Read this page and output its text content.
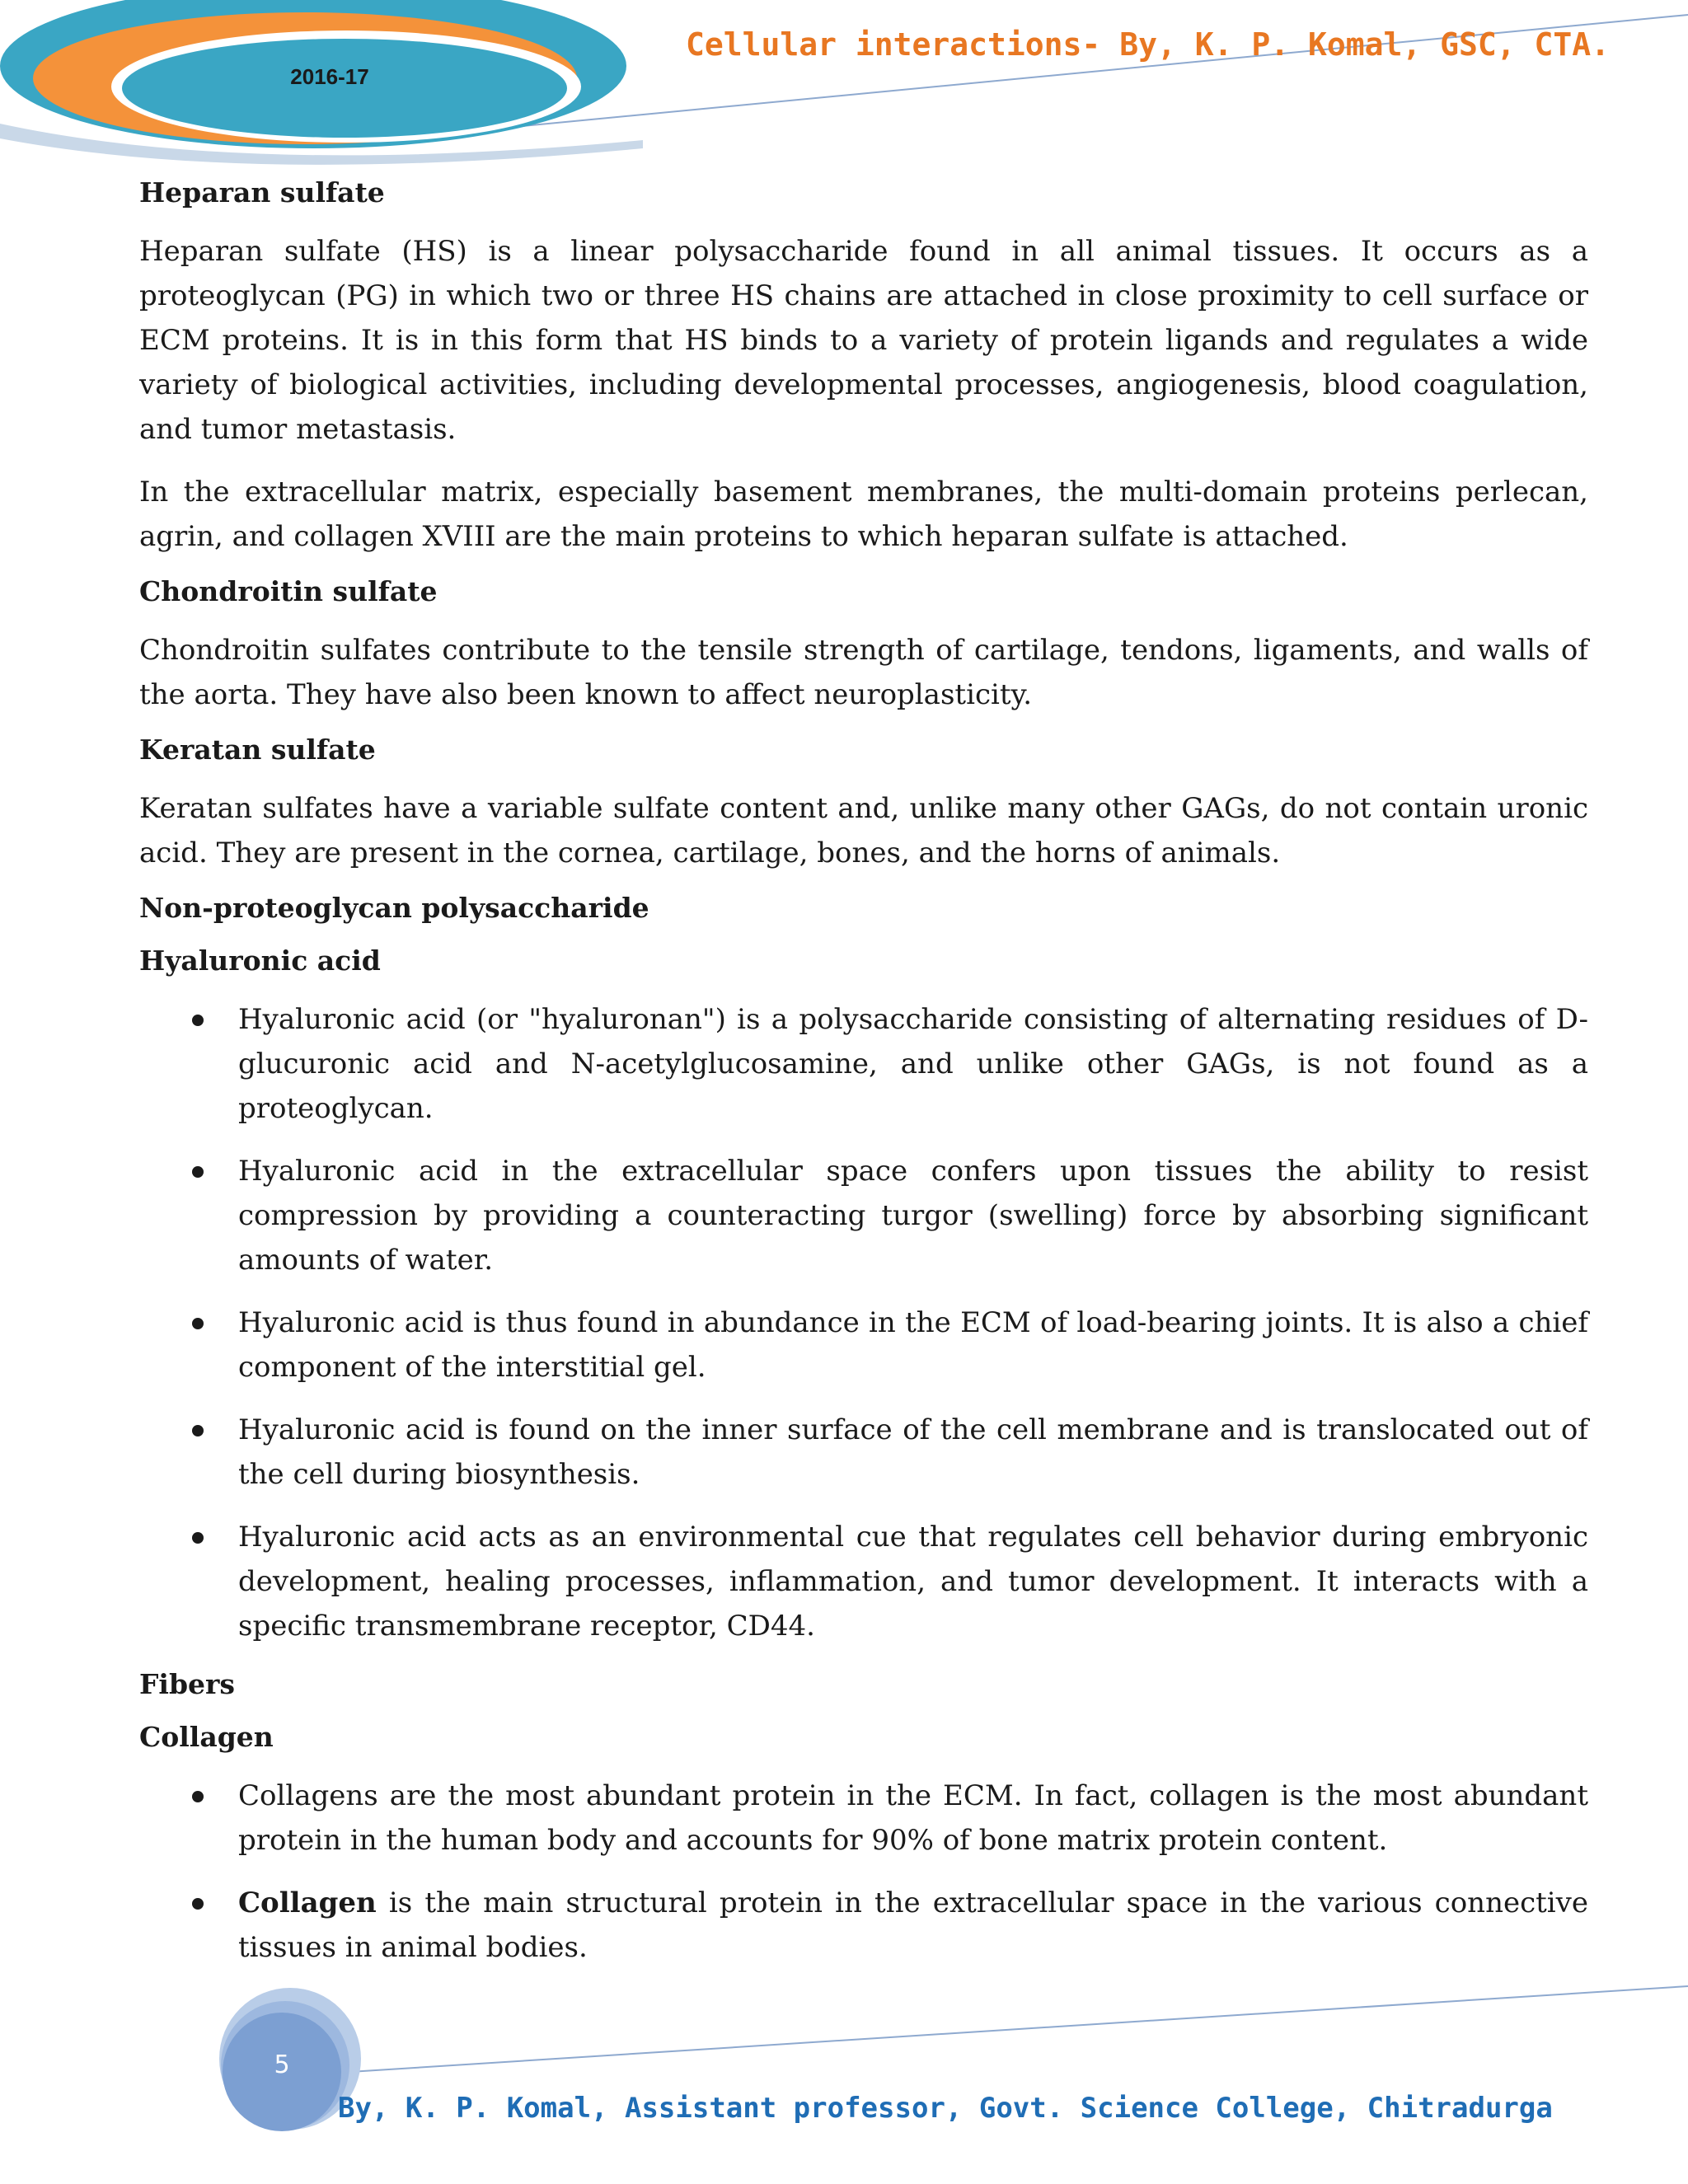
2016-17
Cellular interactions- By, K. P. Komal, GSC, CTA.
Heparan sulfate

Heparan sulfate (HS) is a linear polysaccharide found in all animal tissues. It occurs as a proteoglycan (PG) in which two or three HS chains are attached in close proximity to cell surface or ECM proteins. It is in this form that HS binds to a variety of protein ligands and regulates a wide variety of biological activities, including developmental processes, angiogenesis, blood coagulation, and tumor metastasis.

In the extracellular matrix, especially basement membranes, the multi-domain proteins perlecan, agrin, and collagen XVIII are the main proteins to which heparan sulfate is attached.

Chondroitin sulfate

Chondroitin sulfates contribute to the tensile strength of cartilage, tendons, ligaments, and walls of the aorta. They have also been known to affect neuroplasticity.

Keratan sulfate

Keratan sulfates have a variable sulfate content and, unlike many other GAGs, do not contain uronic acid. They are present in the cornea, cartilage, bones, and the horns of animals.

Non-proteoglycan polysaccharide
Hyaluronic acid
Hyaluronic acid (or "hyaluronan") is a polysaccharide consisting of alternating residues of D-glucuronic acid and N-acetylglucosamine, and unlike other GAGs, is not found as a proteoglycan.
Hyaluronic acid in the extracellular space confers upon tissues the ability to resist compression by providing a counteracting turgor (swelling) force by absorbing significant amounts of water.
Hyaluronic acid is thus found in abundance in the ECM of load-bearing joints. It is also a chief component of the interstitial gel.
Hyaluronic acid is found on the inner surface of the cell membrane and is translocated out of the cell during biosynthesis.
Hyaluronic acid acts as an environmental cue that regulates cell behavior during embryonic development, healing processes, inflammation, and tumor development. It interacts with a specific transmembrane receptor, CD44.
Fibers
Collagen
Collagens are the most abundant protein in the ECM. In fact, collagen is the most abundant protein in the human body and accounts for 90% of bone matrix protein content.
Collagen is the main structural protein in the extracellular space in the various connective tissues in animal bodies.
5

By, K. P. Komal, Assistant professor, Govt. Science College, Chitradurga
